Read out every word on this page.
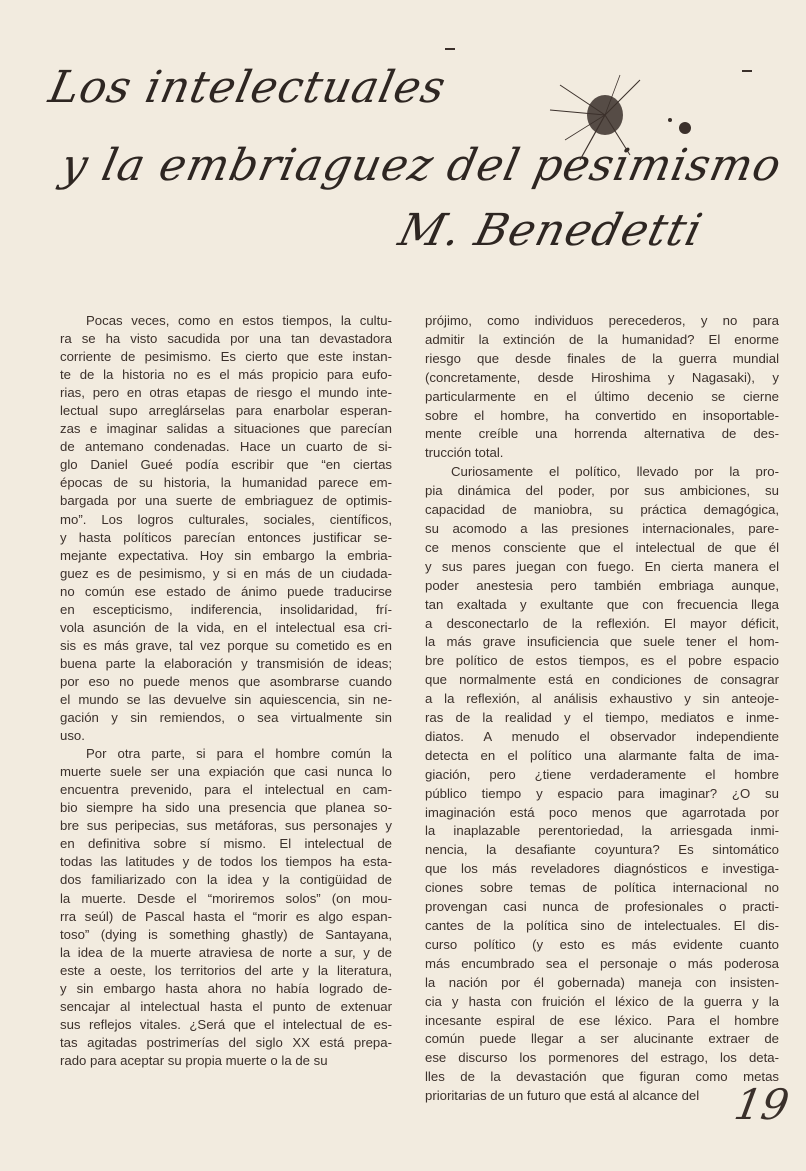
Los intelectuales
y la embriaguez del pesimismo
M. Benedetti
Pocas veces, como en estos tiempos, la cultu-
ra se ha visto sacudida por una tan devastadora
corriente de pesimismo. Es cierto que este instan-
te de la historia no es el más propicio para eufo-
rias, pero en otras etapas de riesgo el mundo inte-
lectual supo arreglárselas para enarbolar esperan-
zas e imaginar salidas a situaciones que parecían
de antemano condenadas. Hace un cuarto de si-
glo Daniel Gueé podía escribir que “en ciertas
épocas de su historia, la humanidad parece em-
bargada por una suerte de embriaguez de optimis-
mo”. Los logros culturales, sociales, científicos,
y hasta políticos parecían entonces justificar se-
mejante expectativa. Hoy sin embargo la embria-
guez es de pesimismo, y si en más de un ciudada-
no común ese estado de ánimo puede traducirse
en escepticismo, indiferencia, insolidaridad, frí-
vola asunción de la vida, en el intelectual esa cri-
sis es más grave, tal vez porque su cometido es en
buena parte la elaboración y transmisión de ideas;
por eso no puede menos que asombrarse cuando
el mundo se las devuelve sin aquiescencia, sin ne-
gación y sin remiendos, o sea virtualmente sin
uso.
Por otra parte, si para el hombre común la
muerte suele ser una expiación que casi nunca lo
encuentra prevenido, para el intelectual en cam-
bio siempre ha sido una presencia que planea so-
bre sus peripecias, sus metáforas, sus personajes y
en definitiva sobre sí mismo. El intelectual de
todas las latitudes y de todos los tiempos ha esta-
dos familiarizado con la idea y la contigüidad de
la muerte. Desde el “moriremos solos” (on mou-
rra seúl) de Pascal hasta el “morir es algo espan-
toso” (dying is something ghastly) de Santayana,
la idea de la muerte atraviesa de norte a sur, y de
este a oeste, los territorios del arte y la literatura,
y sin embargo hasta ahora no había logrado de-
sencajar al intelectual hasta el punto de extenuar
sus reflejos vitales. ¿Será que el intelectual de es-
tas agitadas postrimerías del siglo XX está prepa-
rado para aceptar su propia muerte o la de su
prójimo, como individuos perecederos, y no para
admitir la extinción de la humanidad? El enorme
riesgo que desde finales de la guerra mundial
(concretamente, desde Hiroshima y Nagasaki), y
particularmente en el último decenio se cierne
sobre el hombre, ha convertido en insoportable-
mente creíble una horrenda alternativa de des-
trucción total.
Curiosamente el político, llevado por la pro-
pia dinámica del poder, por sus ambiciones, su
capacidad de maniobra, su práctica demagógica,
su acomodo a las presiones internacionales, pare-
ce menos consciente que el intelectual de que él
y sus pares juegan con fuego. En cierta manera el
poder anestesia pero también embriaga aunque,
tan exaltada y exultante que con frecuencia llega
a desconectarlo de la reflexión. El mayor déficit,
la más grave insuficiencia que suele tener el hom-
bre político de estos tiempos, es el pobre espacio
que normalmente está en condiciones de consagrar
a la reflexión, al análisis exhaustivo y sin anteoje-
ras de la realidad y el tiempo, mediatos e inme-
diatos. A menudo el observador independiente
detecta en el político una alarmante falta de ima-
giación, pero ¿tiene verdaderamente el hombre
público tiempo y espacio para imaginar? ¿O su
imaginación está poco menos que agarrotada por
la inaplazable perentoriedad, la arriesgada inmi-
nencia, la desafiante coyuntura? Es sintomático
que los más reveladores diagnósticos e investiga-
ciones sobre temas de política internacional no
provengan casi nunca de profesionales o practi-
cantes de la política sino de intelectuales. El dis-
curso político (y esto es más evidente cuanto
más encumbrado sea el personaje o más poderosa
la nación por él gobernada) maneja con insisten-
cia y hasta con fruición el léxico de la guerra y la
incesante espiral de ese léxico. Para el hombre
común puede llegar a ser alucinante extraer de
ese discurso los pormenores del estrago, los deta-
lles de la devastación que figuran como metas
prioritarias de un futuro que está al alcance del 19
